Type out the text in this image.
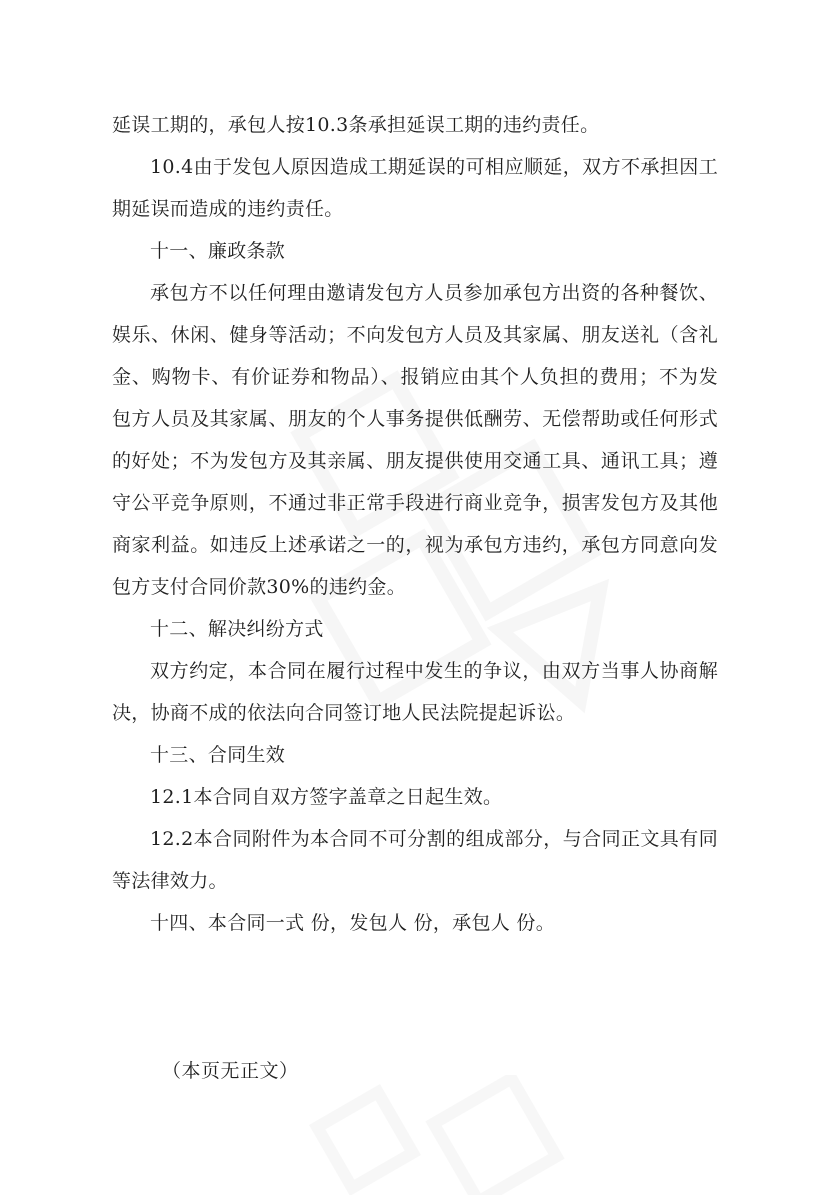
延误工期的，承包人按10.3条承担延误工期的违约责任。

10.4由于发包人原因造成工期延误的可相应顺延，双方不承担因工期延误而造成的违约责任。

十一、廉政条款

承包方不以任何理由邀请发包方人员参加承包方出资的各种餐饮、娱乐、休闲、健身等活动；不向发包方人员及其家属、朋友送礼（含礼金、购物卡、有价证券和物品）、报销应由其个人负担的费用；不为发包方人员及其家属、朋友的个人事务提供低酬劳、无偿帮助或任何形式的好处；不为发包方及其亲属、朋友提供使用交通工具、通讯工具；遵守公平竞争原则，不通过非正常手段进行商业竞争，损害发包方及其他商家利益。如违反上述承诺之一的，视为承包方违约，承包方同意向发包方支付合同价款30%的违约金。

十二、解决纠纷方式

双方约定，本合同在履行过程中发生的争议，由双方当事人协商解决，协商不成的依法向合同签订地人民法院提起诉讼。

十三、合同生效

12.1本合同自双方签字盖章之日起生效。

12.2本合同附件为本合同不可分割的组成部分，与合同正文具有同等法律效力。

十四、本合同一式 份，发包人 份，承包人 份。

（本页无正文）
